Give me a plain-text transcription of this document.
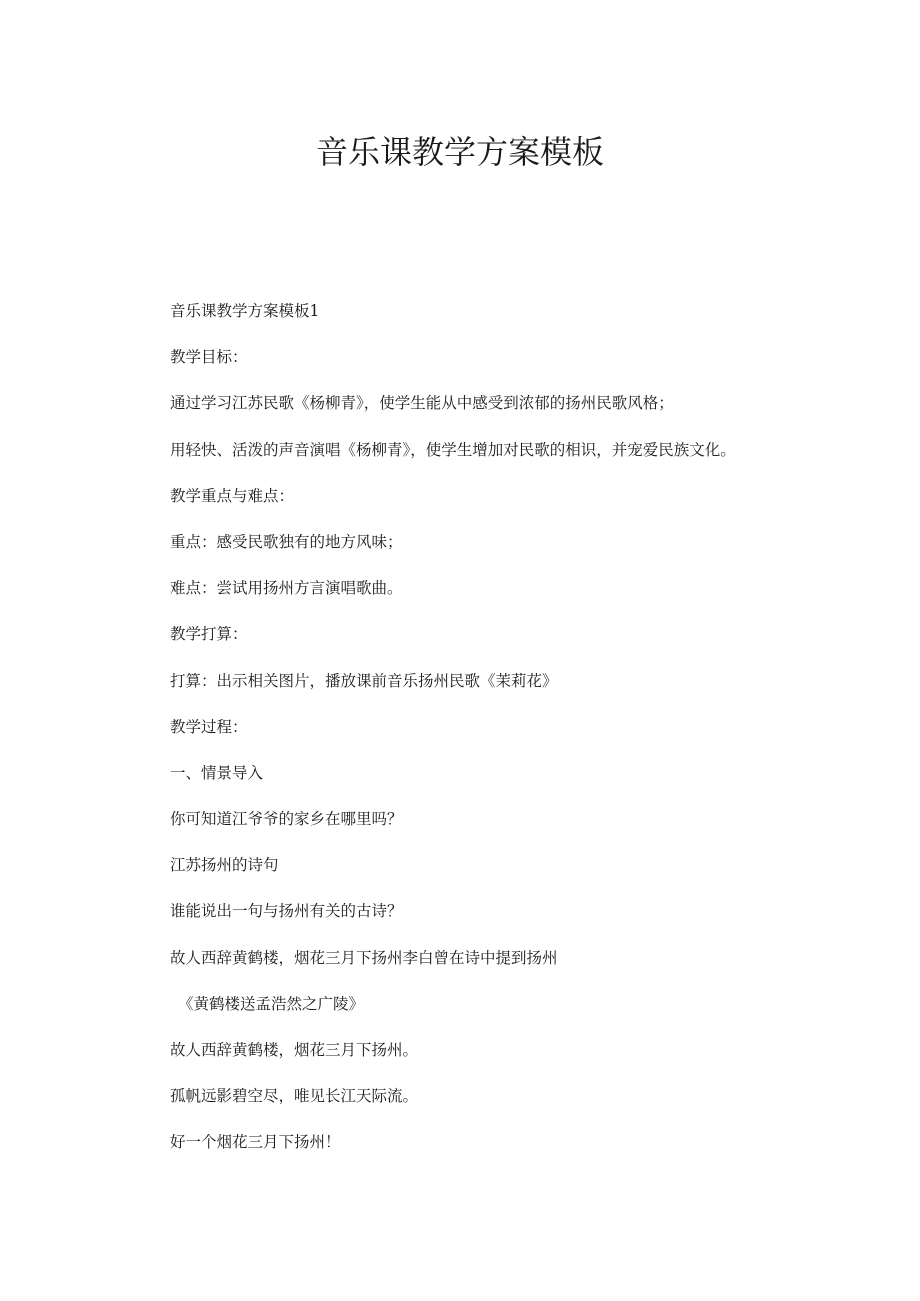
音乐课教学方案模板

音乐课教学方案模板1

教学目标：

通过学习江苏民歌《杨柳青》，使学生能从中感受到浓郁的扬州民歌风格；

用轻快、活泼的声音演唱《杨柳青》，使学生增加对民歌的相识，并宠爱民族文化。

教学重点与难点：

重点：感受民歌独有的地方风味；

难点：尝试用扬州方言演唱歌曲。

教学打算：

打算：出示相关图片，播放课前音乐扬州民歌《茉莉花》

教学过程：

一、情景导入

你可知道江爷爷的家乡在哪里吗？

江苏扬州的诗句

谁能说出一句与扬州有关的古诗？

故人西辞黄鹤楼，烟花三月下扬州李白曾在诗中提到扬州

《黄鹤楼送孟浩然之广陵》

故人西辞黄鹤楼，烟花三月下扬州。

孤帆远影碧空尽，唯见长江天际流。

好一个烟花三月下扬州！
